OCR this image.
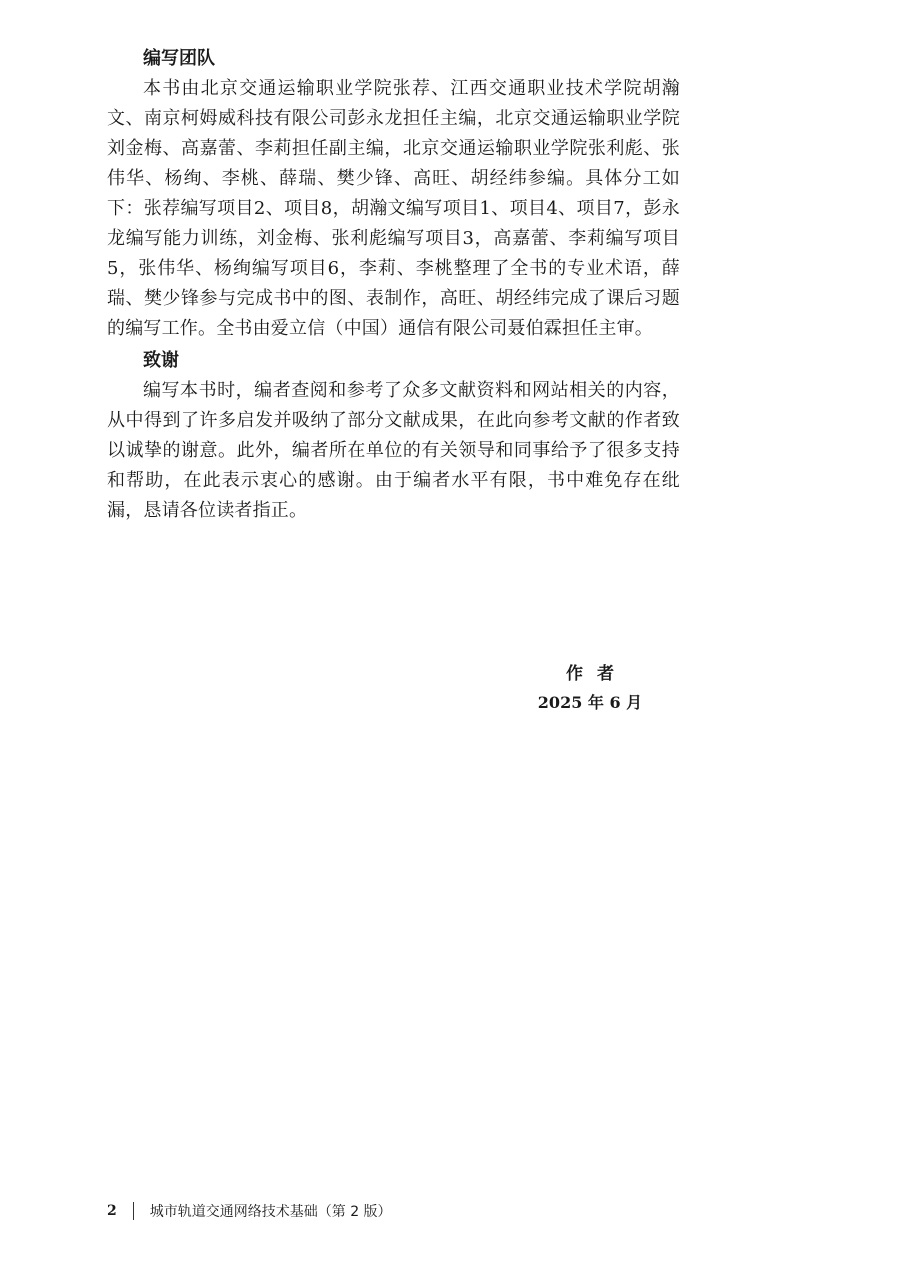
编写团队

本书由北京交通运输职业学院张荐、江西交通职业技术学院胡瀚文、南京柯姆威科技有限公司彭永龙担任主编，北京交通运输职业学院刘金梅、高嘉蕾、李莉担任副主编，北京交通运输职业学院张利彪、张伟华、杨绚、李桃、薛瑞、樊少锋、高旺、胡经纬参编。具体分工如下：张荐编写项目2、项目8，胡瀚文编写项目1、项目4、项目7，彭永龙编写能力训练，刘金梅、张利彪编写项目3，高嘉蕾、李莉编写项目5，张伟华、杨绚编写项目6，李莉、李桃整理了全书的专业术语，薛瑞、樊少锋参与完成书中的图、表制作，高旺、胡经纬完成了课后习题的编写工作。全书由爱立信（中国）通信有限公司聂伯霖担任主审。

致谢

编写本书时，编者查阅和参考了众多文献资料和网站相关的内容，从中得到了许多启发并吸纳了部分文献成果，在此向参考文献的作者致以诚挚的谢意。此外，编者所在单位的有关领导和同事给予了很多支持和帮助，在此表示衷心的感谢。由于编者水平有限，书中难免存在纰漏，恳请各位读者指正。

作者
2025 年 6 月
2 城市轨道交通网络技术基础（第 2 版）
